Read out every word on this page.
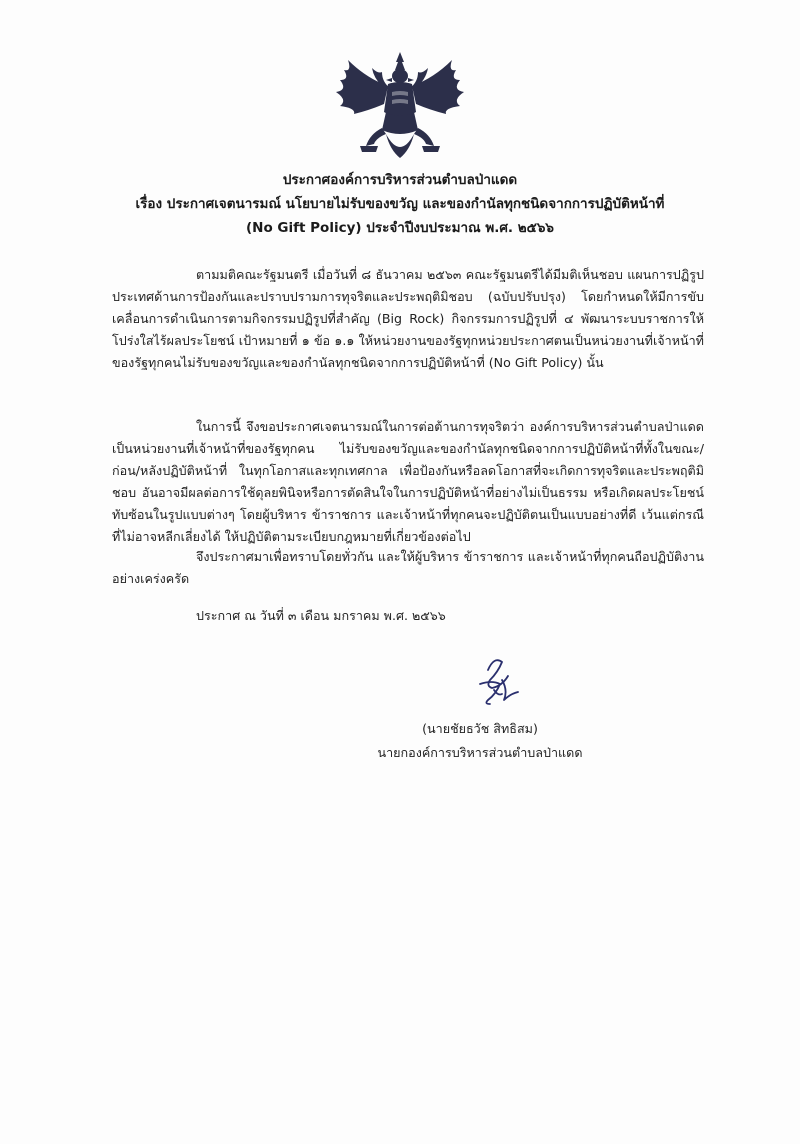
ประกาศองค์การบริหารส่วนตำบลป่าแดด
เรื่อง ประกาศเจตนารมณ์ นโยบายไม่รับของขวัญ และของกำนัลทุกชนิดจากการปฏิบัติหน้าที่
(No Gift Policy) ประจำปีงบประมาณ พ.ศ. ๒๕๖๖

ตามมติคณะรัฐมนตรี เมื่อวันที่ ๘ ธันวาคม ๒๕๖๓ คณะรัฐมนตรีได้มีมติเห็นชอบ แผนการปฏิรูปประเทศด้านการป้องกันและปราบปรามการทุจริตและประพฤติมิชอบ (ฉบับปรับปรุง) โดยกำหนดให้มีการขับเคลื่อนการดำเนินการตามกิจกรรมปฏิรูปที่สำคัญ (Big Rock) กิจกรรมการปฏิรูปที่ ๔ พัฒนาระบบราชการให้โปร่งใสไร้ผลประโยชน์ เป้าหมายที่ ๑ ข้อ ๑.๑ ให้หน่วยงานของรัฐทุกหน่วยประกาศตนเป็นหน่วยงานที่เจ้าหน้าที่ของรัฐทุกคนไม่รับของขวัญและของกำนัลทุกชนิดจากการปฏิบัติหน้าที่ (No Gift Policy) นั้น

ในการนี้ จึงขอประกาศเจตนารมณ์ในการต่อต้านการทุจริตว่า องค์การบริหารส่วนตำบลป่าแดด เป็นหน่วยงานที่เจ้าหน้าที่ของรัฐทุกคน ไม่รับของขวัญและของกำนัลทุกชนิดจากการปฏิบัติหน้าที่ทั้งในขณะ/ก่อน/หลังปฏิบัติหน้าที่ ในทุกโอกาสและทุกเทศกาล เพื่อป้องกันหรือลดโอกาสที่จะเกิดการทุจริตและประพฤติมิชอบ อันอาจมีผลต่อการใช้ดุลยพินิจหรือการตัดสินใจในการปฏิบัติหน้าที่อย่างไม่เป็นธรรม หรือเกิดผลประโยชน์ทับซ้อนในรูปแบบต่างๆ โดยผู้บริหาร ข้าราชการ และเจ้าหน้าที่ทุกคนจะปฏิบัติตนเป็นแบบอย่างที่ดี เว้นแต่กรณีที่ไม่อาจหลีกเลี่ยงได้ ให้ปฏิบัติตามระเบียบกฎหมายที่เกี่ยวข้องต่อไป

จึงประกาศมาเพื่อทราบโดยทั่วกัน และให้ผู้บริหาร ข้าราชการ และเจ้าหน้าที่ทุกคนถือปฏิบัติงานอย่างเคร่งครัด

ประกาศ ณ วันที่ ๓ เดือน มกราคม พ.ศ. ๒๕๖๖
(นายชัยธวัช สิทธิสม)
นายกองค์การบริหารส่วนตำบลป่าแดด
